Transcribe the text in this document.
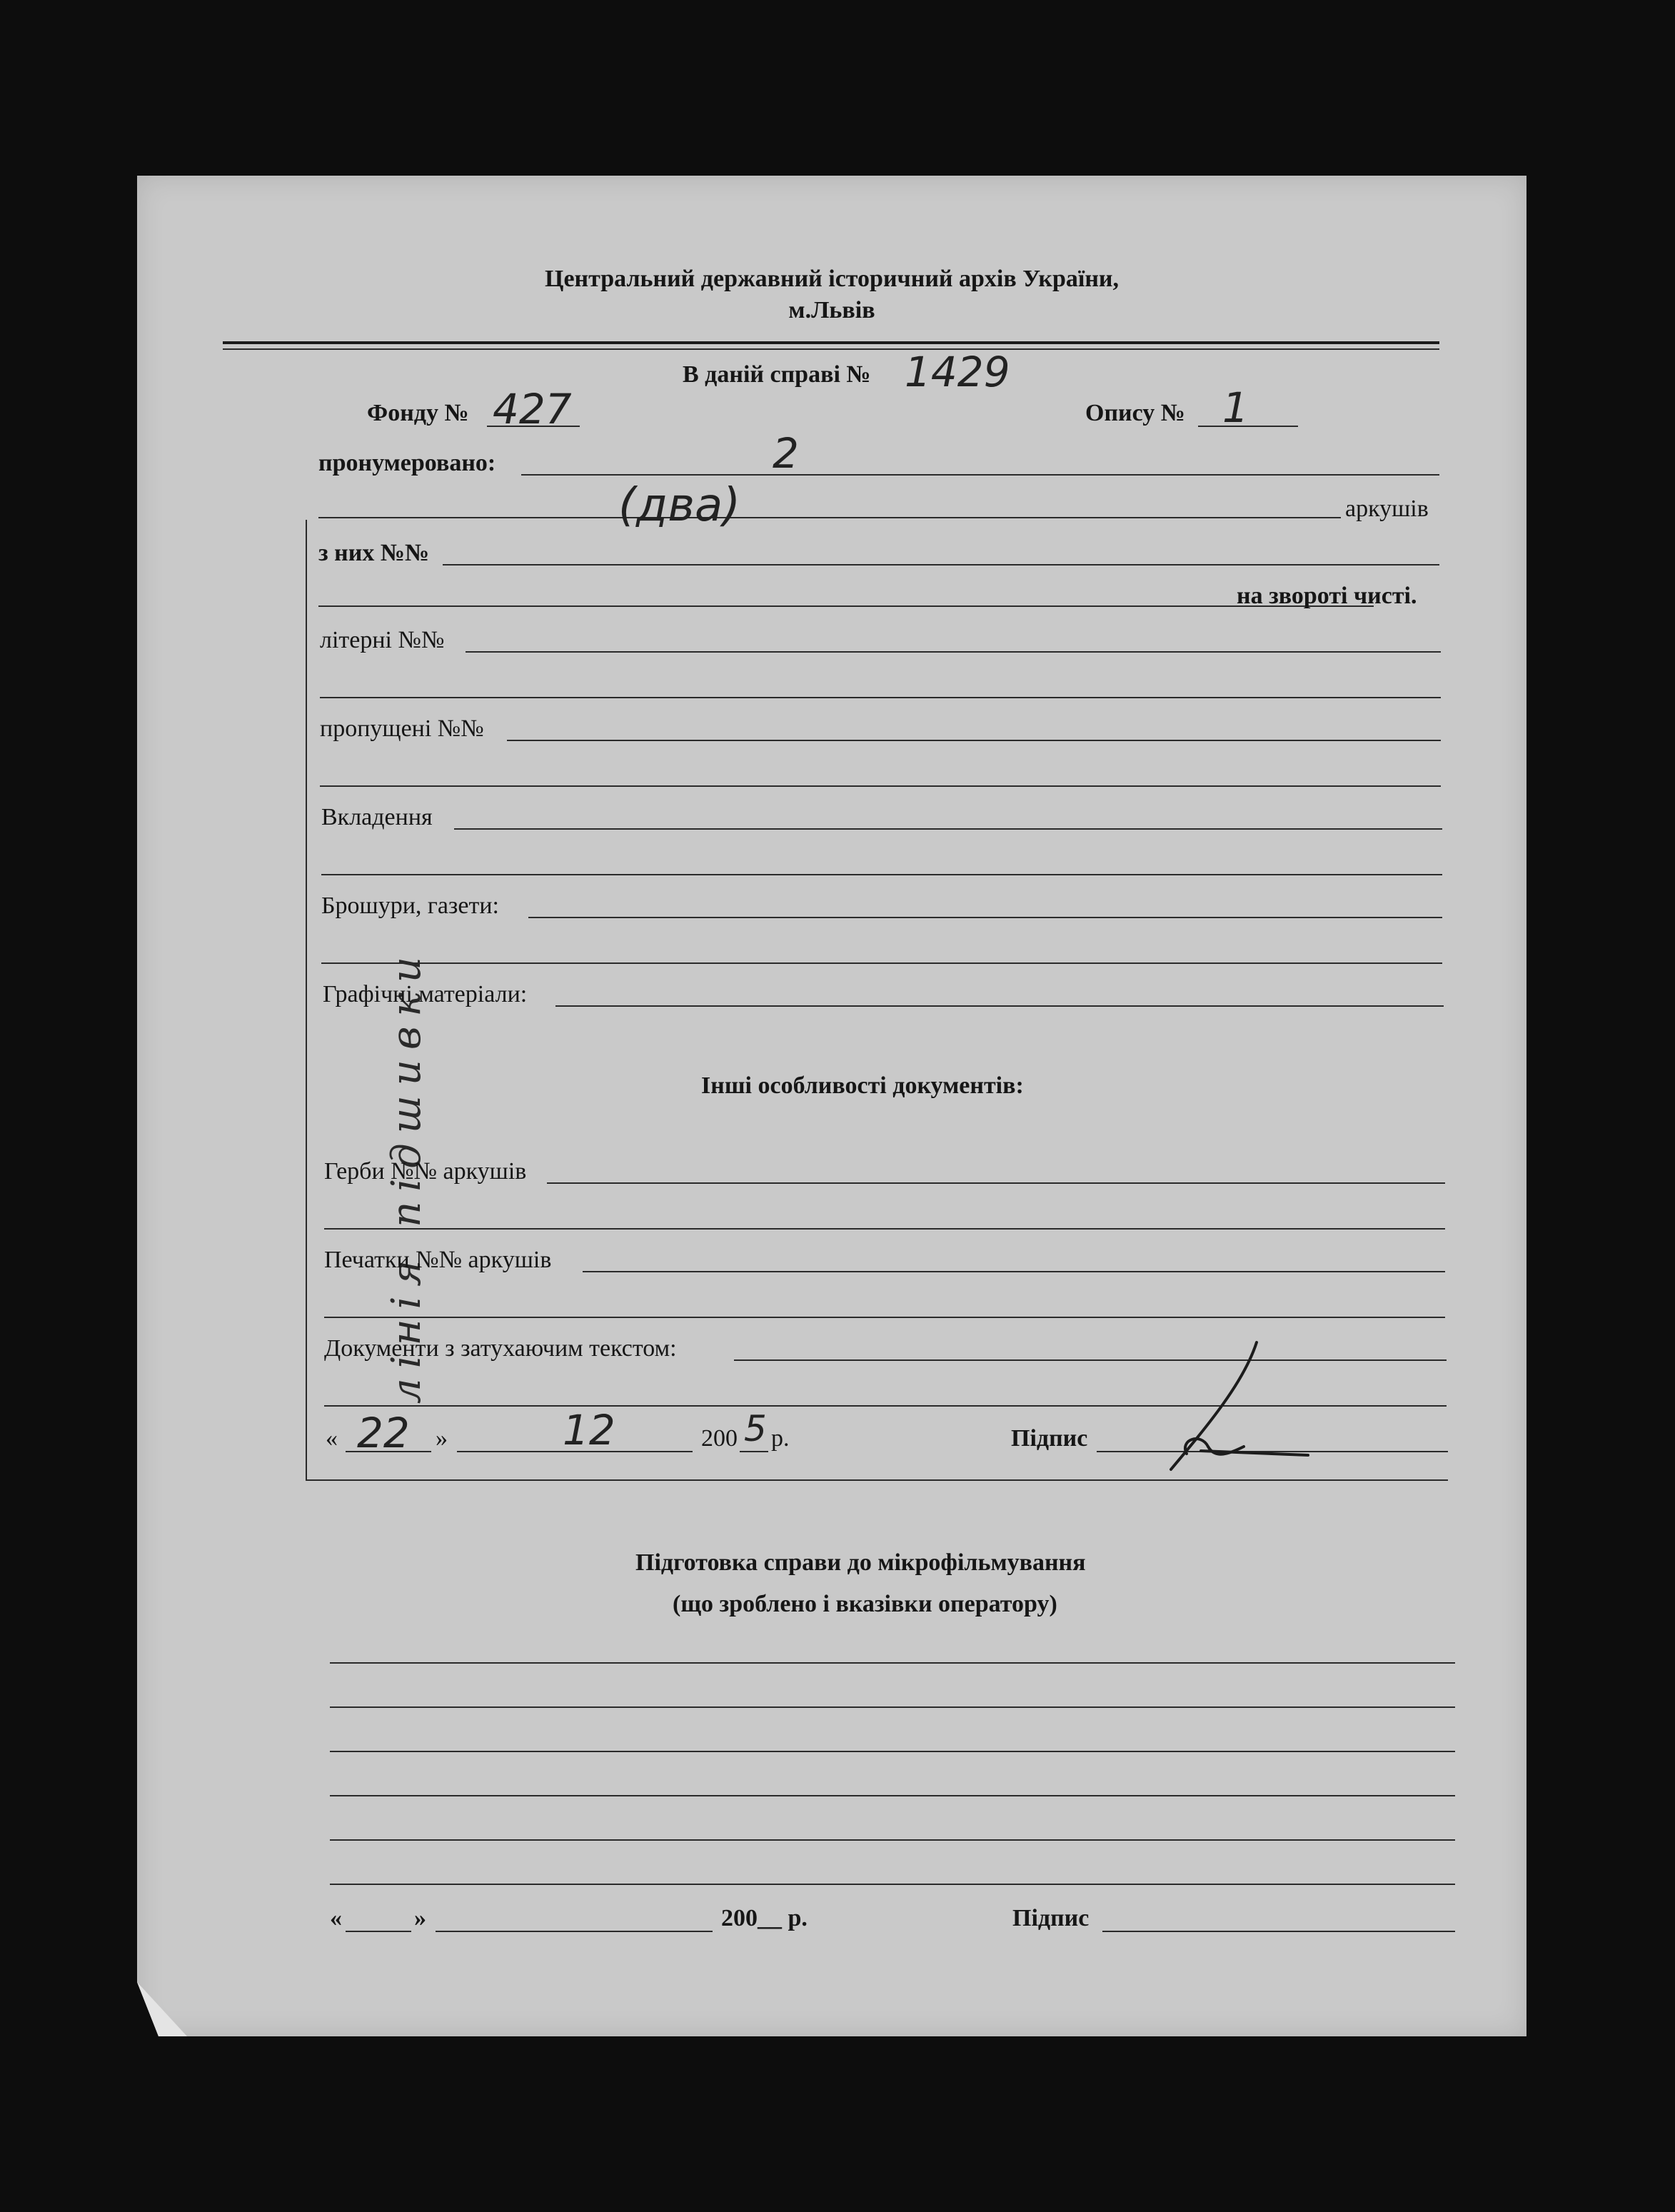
Центральний державний історичний архів України,
м.Львів
В даній справі № 1429
Фонду № 427	Опису № 1
пронумеровано:	2
(два)	аркушів
лінія підшивки
з них №№
на звороті чисті.
літерні №№
пропущені №№
Вкладення
Брошури, газети:
Графічні матеріали:
Інші особливості документів:
Герби №№ аркушів
Печатки №№ аркушів
Документи з затухаючим текстом:
« 22 »	12	200 5 р.	Підпис
Підготовка справи до мікрофільмування
(що зроблено і вказівки оператору)
«	»	200__ р.	Підпис
